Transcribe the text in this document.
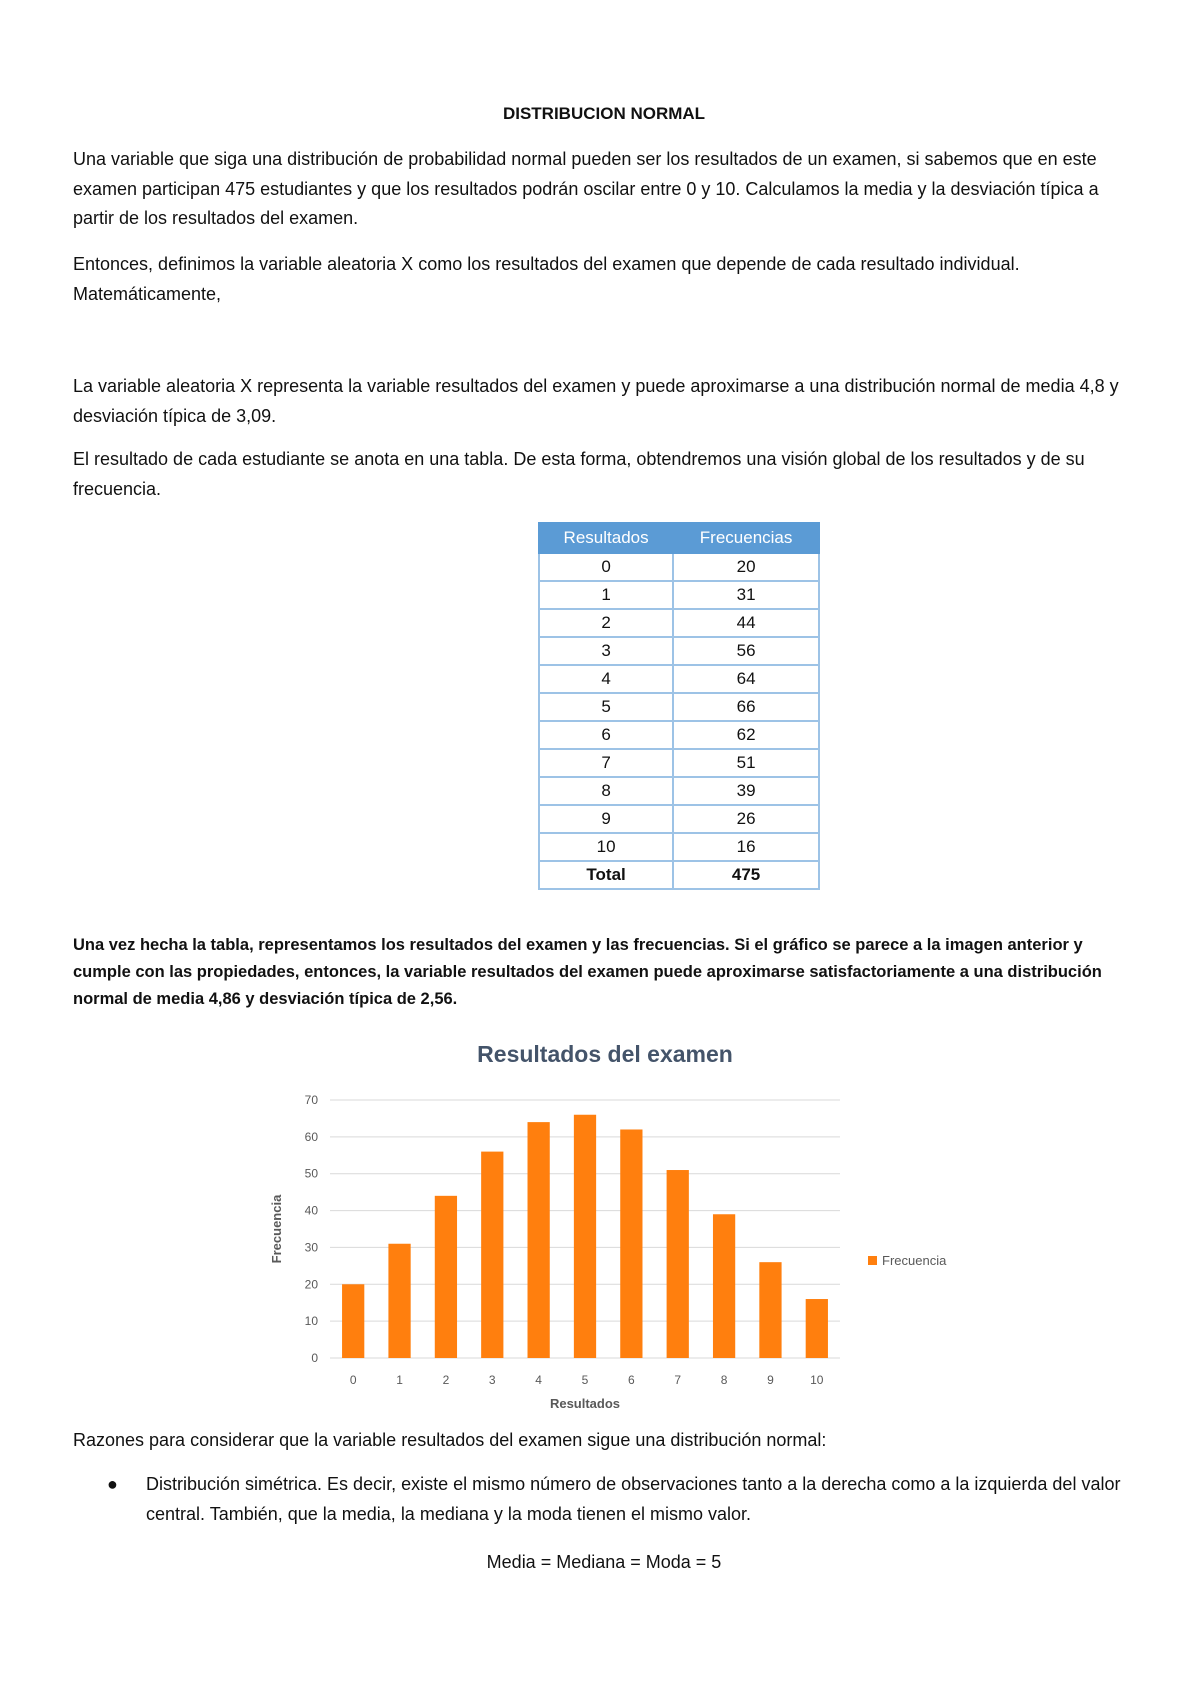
DISTRIBUCION NORMAL

Una variable que siga una distribución de probabilidad normal pueden ser los resultados de un examen, si sabemos que en este examen participan 475 estudiantes y que los resultados podrán oscilar entre 0 y 10. Calculamos la media y la desviación típica a partir de los resultados del examen.

Entonces, definimos la variable aleatoria X como los resultados del examen que depende de cada resultado individual. Matemáticamente,

La variable aleatoria X representa la variable resultados del examen y puede aproximarse a una distribución normal de media 4,8 y desviación típica de 3,09.

El resultado de cada estudiante se anota en una tabla. De esta forma, obtendremos una visión global de los resultados y de su frecuencia.

Resultados	Frecuencias
0	20
1	31
2	44
3	56
4	64
5	66
6	62
7	51
8	39
9	26
10	16
Total	475

Una vez hecha la tabla, representamos los resultados del examen y las frecuencias. Si el gráfico se parece a la imagen anterior y cumple con las propiedades, entonces, la variable resultados del examen puede aproximarse satisfactoriamente a una distribución normal de media 4,86 y desviación típica de 2,56.

Razones para considerar que la variable resultados del examen sigue una distribución normal:

● Distribución simétrica. Es decir, existe el mismo número de observaciones tanto a la derecha como a la izquierda del valor central. También, que la media, la mediana y la moda tienen el mismo valor.
Media = Mediana = Moda = 5
Resultados del examen
0
10
20
30
40
50
60
70
0	1	2	3	4	5	6	7	8	9	10
Resultados
Frecuencia	Frecuencia
